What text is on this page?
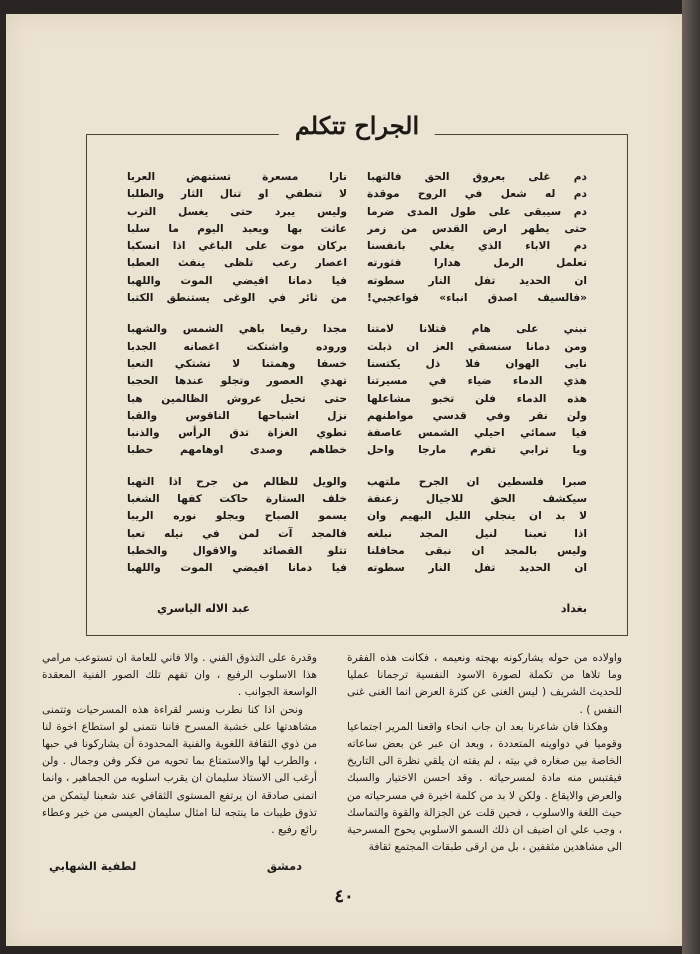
الجراح تتكلم
دم غلى بعروق الحق فالتهبا
دم له شعل في الروح موقدة
دم سيبقى على طول المدى ضرما
حتى يطهر ارض القدس من زمر
دم الاباء الذي يغلي بانفسنا
تعلمل الرمل هدارا فثورته
ان الحديد تفل النار سطوته
«فالسيف اصدق انباء» فواعجبي!
نبني على هام قتلانا لامتنا
ومن دمانا سنسقي العز ان ذبلت
نابى الهوان فلا ذل يكتسنا
هذي الدماء ضياء في مسيرتنا
هذه الدماء فلن تخبو مشاعلها
ولن نقر وفي قدسي مواطنهم
فيا سمائي احيلي الشمس عاصفة
ويا ترابي تفرم مارجا واحل
صبرا فلسطين ان الجرح ملتهب
سيكشف الحق للاجيال زعنفة
لا بد ان ينجلي الليل البهيم وان
اذا تعبنا لنيل المجد نبلغه
وليس بالمجد ان نبقى محافلنا
ان الحديد تفل النار سطوته
نارا مسعرة تستنهض العربا
لا تنطفي او تنال الثار والطلبا
وليس يبرد حتى يغسل الترب
عاثت بها ويعبد اليوم ما سلبا
بركان موت على الباغي اذا انسكبا
اعصار رعب تلظى ينفث العطبا
فيا دمانا افيضي الموت واللهبا
من ثائر في الوغى يستنطق الكتبا
مجدا رفيعا باهي الشمس والشهبا
وروده واشتكت اغصانه الجدبا
خسفا وهمتنا لا تشتكي التعبا
تهدي العصور وتجلو عندها الحجبا
حتى تحيل عروش الظالمين هبا
نزل اشباحها الناقوس والقبا
تطوي الغزاة تدق الرأس والذنبا
خطاهم وصدى اوهامهم حطبا
والويل للظالم من جرح اذا التهبا
خلف الستارة حاكت كفها الشغبا
يسمو الصباح ويجلو نوره الريبا
فالمجد آت لمن في نيله تعبا
تتلو القصائد والاقوال والخطبا
فيا دمانا افيضي الموت واللهبا
بغداد
عبد الاله الياسري

واولاده من حوله يشاركونه بهجته ونعيمه ، فكانت هذه الفقرة وما تلاها من تكملة لصورة الاسود النفسية ترجمانا عمليا للحديث الشريف ( ليس الغنى عن كثرة العرض انما الغنى غنى النفس ) .

وهكذا فان شاعرنا بعد ان جاب انحاء واقعنا المرير اجتماعيا وقوميا في دواوينه المتعددة ، وبعد ان عبر عن بعض ساعاته الخاصة بين صغاره في بيته ، لم يفته ان يلقي نظرة الى التاريخ فيقتبس منه مادة لمسرحياته . وقد احسن الاختيار والسبك والعرض والايقاع . ولكن لا بد من كلمة اخيرة في مسرحياته من حيث اللغة والاسلوب ، فحين قلت عن الجزالة والقوة والتماسك ، وجب علي ان اضيف ان ذلك السمو الاسلوبي يحوج المسرحية الى مشاهدين مثقفين ، بل من ارقى طبقات المجتمع ثقافة

وقدرة على التذوق الفني . والا فاني للعامة ان تستوعب مرامي هذا الاسلوب الرفيع ، وان تفهم تلك الصور الفنية المعقدة الواسعة الجوانب .

ونحن اذا كنا نطرب ونسر لقراءة هذه المسرحيات وتتمنى مشاهدتها على خشبة المسرح فاننا نتمنى لو استطاع اخوة لنا من ذوي الثقافة اللغوية والفنية المحدودة أن يشاركونا في حبها ، والطرب لها والاستمتاع بما تحويه من فكر وفن وجمال . ولن أرغب الى الاستاذ سليمان ان يقرب اسلوبه من الجماهير ، وانما اتمنى صادقة ان يرتفع المستوى الثقافي عند شعبنا ليتمكن من تذوق طيبات ما ينتجه لنا امثال سليمان العيسى من خير وعطاء رائع رفيع .

دمشق
لطفية الشهابي
٤٠
